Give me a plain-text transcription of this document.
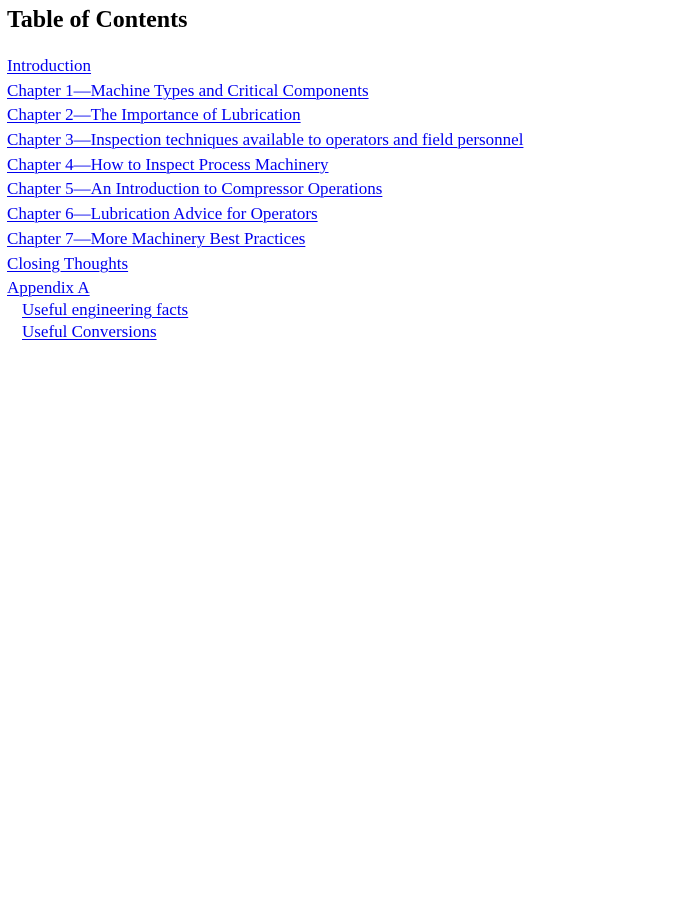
Table of Contents
Introduction
Chapter 1—Machine Types and Critical Components
Chapter 2—The Importance of Lubrication
Chapter 3—Inspection techniques available to operators and field personnel
Chapter 4—How to Inspect Process Machinery
Chapter 5—An Introduction to Compressor Operations
Chapter 6—Lubrication Advice for Operators
Chapter 7—More Machinery Best Practices
Closing Thoughts
Appendix A
Useful engineering facts
Useful Conversions
